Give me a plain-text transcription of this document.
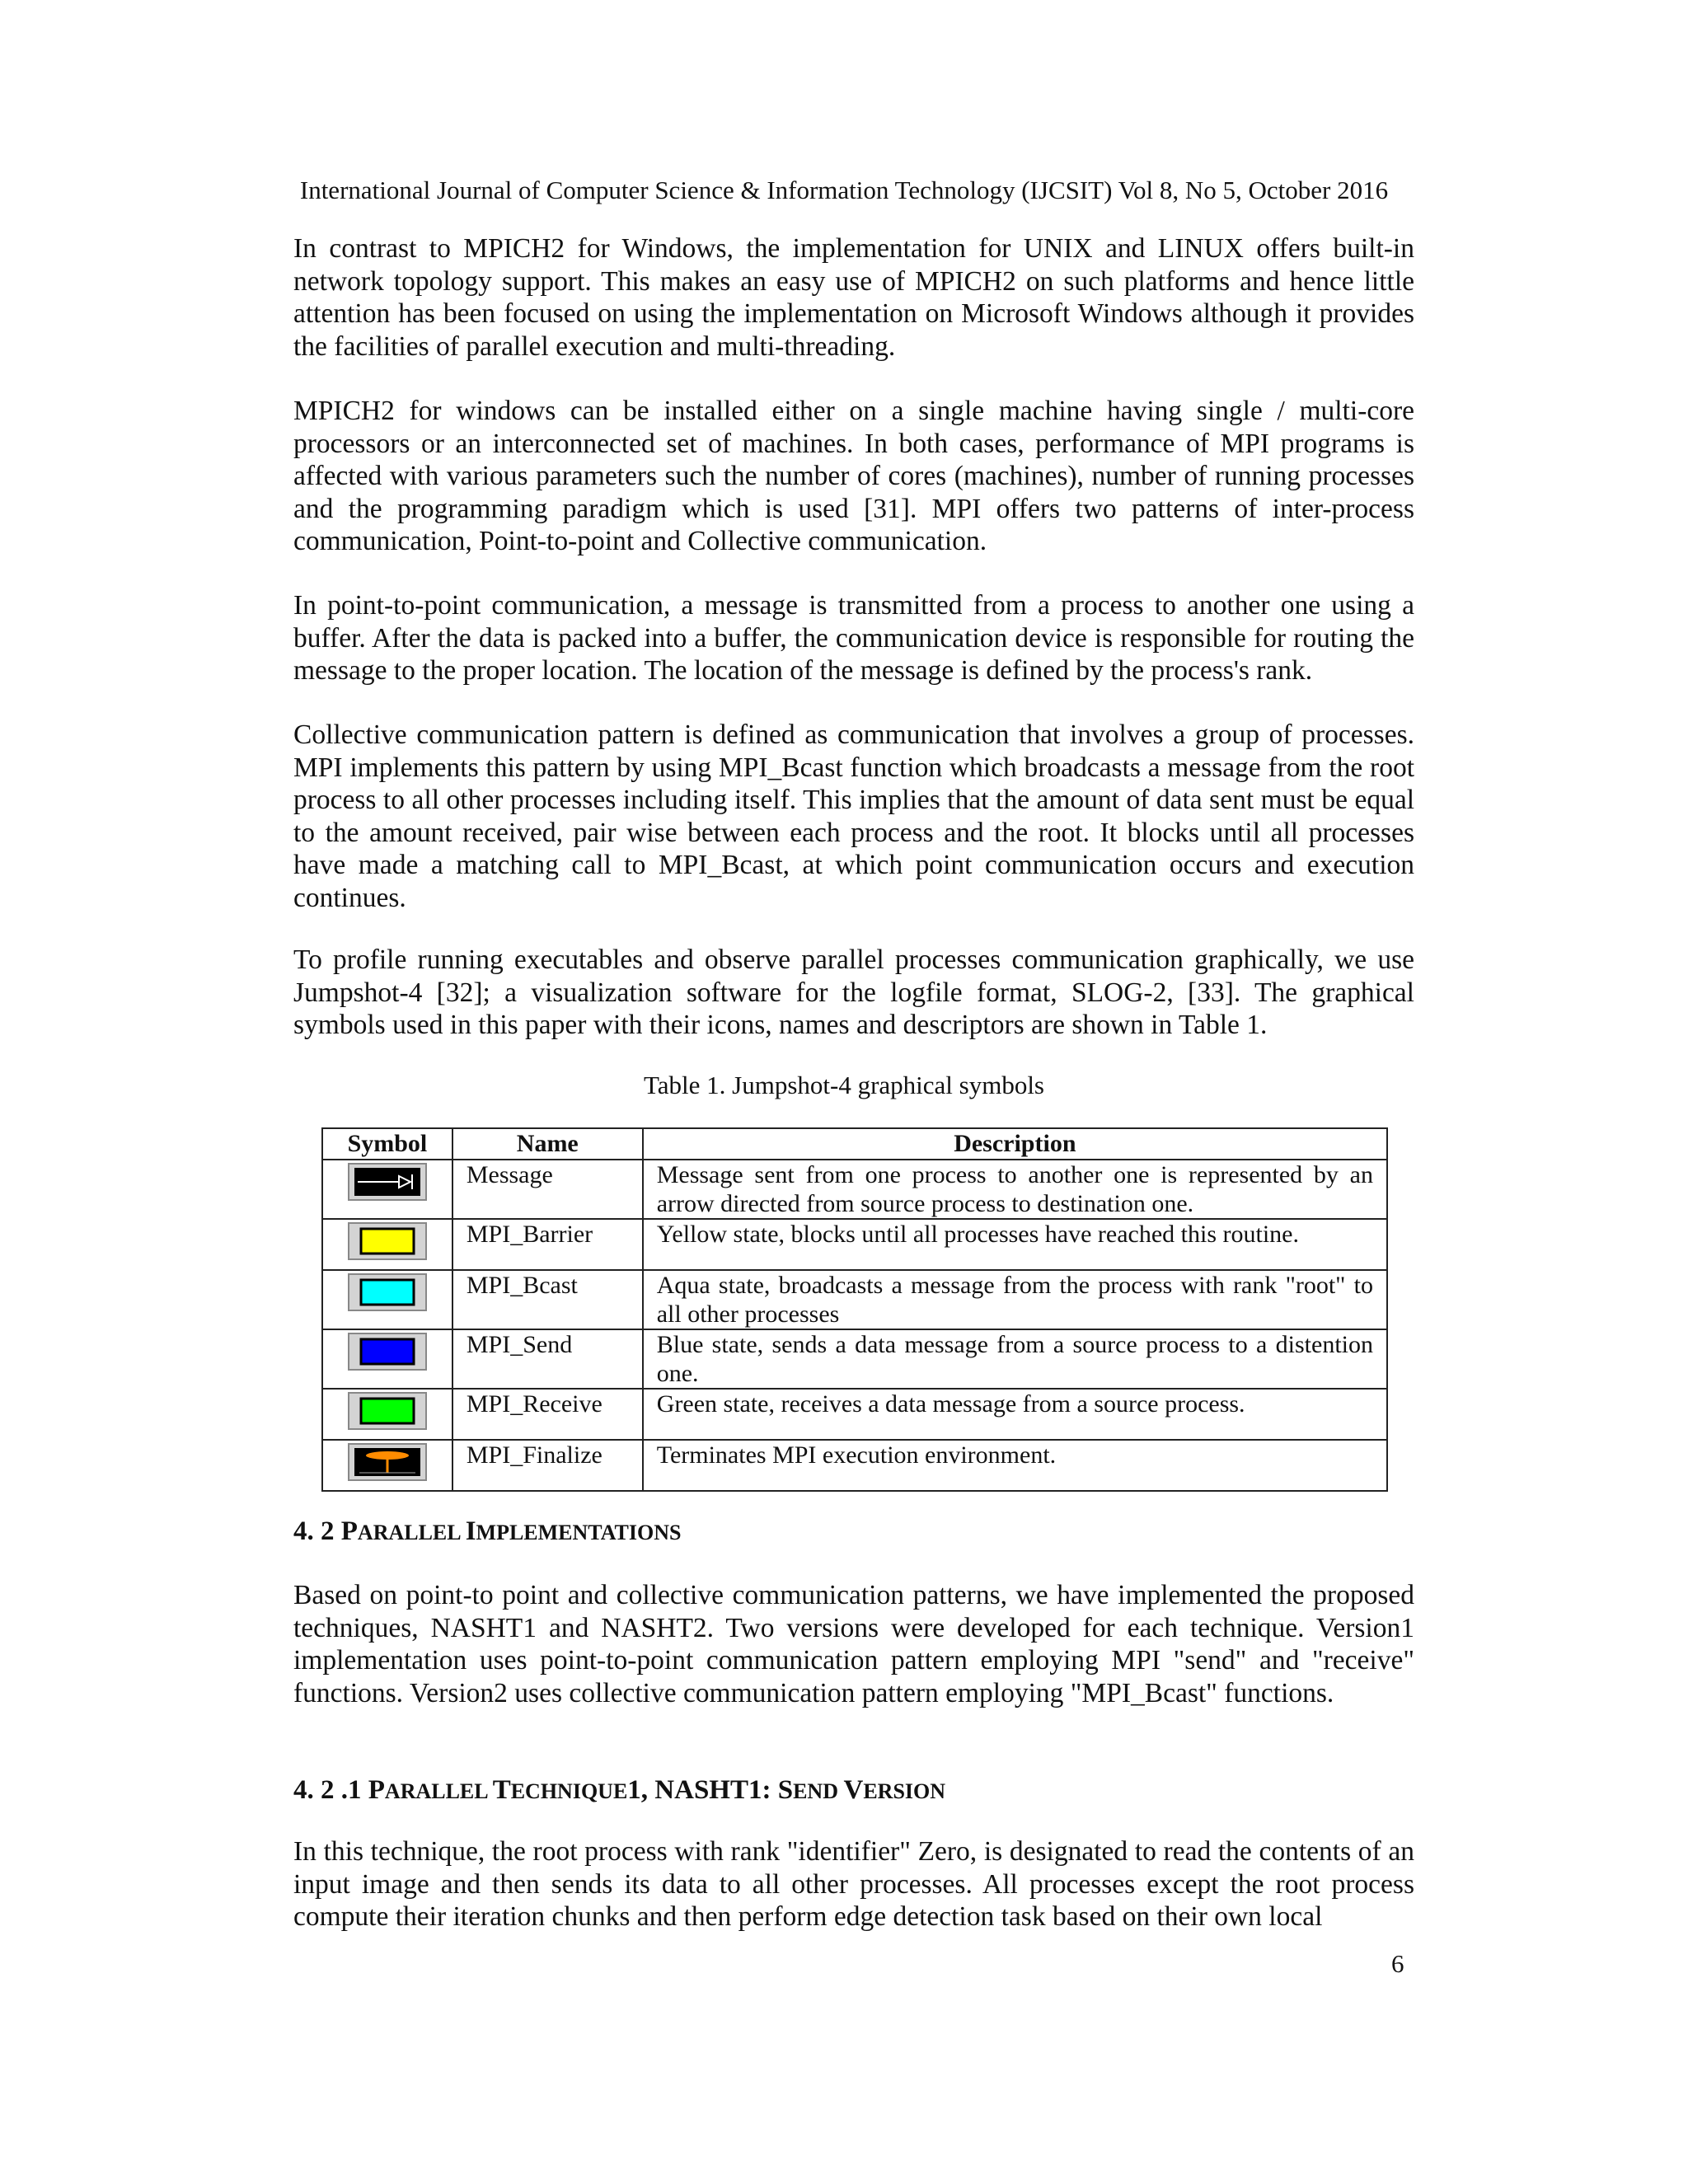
International Journal of Computer Science & Information Technology (IJCSIT) Vol 8, No 5, October 2016

In contrast to MPICH2 for Windows, the implementation for UNIX and LINUX offers built-in network topology support. This makes an easy use of MPICH2 on such platforms and hence little attention has been focused on using the implementation on Microsoft Windows although it provides the facilities of parallel execution and multi-threading.

MPICH2 for windows can be installed either on a single machine having single / multi-core processors or an interconnected set of machines. In both cases, performance of MPI programs is affected with various parameters such the number of cores (machines), number of running processes and the programming paradigm which is used [31]. MPI offers two patterns of inter-process communication, Point-to-point and Collective communication.

In point-to-point communication, a message is transmitted from a process to another one using a buffer. After the data is packed into a buffer, the communication device is responsible for routing the message to the proper location. The location of the message is defined by the process's rank.

Collective communication pattern is defined as communication that involves a group of processes. MPI implements this pattern by using MPI_Bcast function which broadcasts a message from the root process to all other processes including itself. This implies that the amount of data sent must be equal to the amount received, pair wise between each process and the root. It blocks until all processes have made a matching call to MPI_Bcast, at which point communication occurs and execution continues.

To profile running executables and observe parallel processes communication graphically, we use Jumpshot-4 [32]; a visualization software for the logfile format, SLOG-2, [33]. The graphical symbols used in this paper with their icons, names and descriptors are shown in Table 1.

Table 1. Jumpshot-4 graphical symbols
Symbol	Name	Description
	Message	Message sent from one process to another one is represented by an arrow directed from source process to destination one.
	MPI_Barrier	Yellow state, blocks until all processes have reached this routine.
	MPI_Bcast	Aqua state, broadcasts a message from the process with rank "root" to all other processes
	MPI_Send	Blue state, sends a data message from a source process to a distention one.
	MPI_Receive	Green state, receives a data message from a source process.
	MPI_Finalize	Terminates MPI execution environment.
4. 2 PARALLEL IMPLEMENTATIONS

Based on point-to point and collective communication patterns, we have implemented the proposed techniques, NASHT1 and NASHT2. Two versions were developed for each technique. Version1 implementation uses point-to-point communication pattern employing MPI "send" and "receive" functions. Version2 uses collective communication pattern employing "MPI_Bcast" functions.

4. 2 .1 PARALLEL TECHNIQUE1, NASHT1: SEND VERSION

In this technique, the root process with rank "identifier" Zero, is designated to read the contents of an input image and then sends its data to all other processes. All processes except the root process compute their iteration chunks and then perform edge detection task based on their own local

6
